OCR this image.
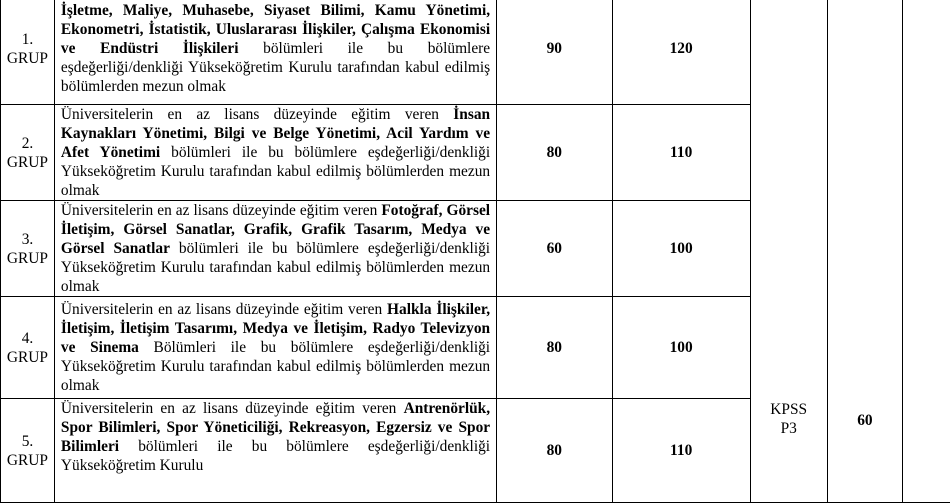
1.
GRUP	İşletme, Maliye, Muhasebe, Siyaset Bilimi, Kamu Yönetimi, Ekonometri, İstatistik, Uluslararası İlişkiler, Çalışma Ekonomisi ve Endüstri İlişkileri bölümleri ile bu bölümlere eşdeğerliği/denkliği Yükseköğretim Kurulu tarafından kabul edilmiş bölümlerden mezun olmak	90	120	KPSS
P3	60	

2.
GRUP	Üniversitelerin en az lisans düzeyinde eğitim veren İnsan Kaynakları Yönetimi, Bilgi ve Belge Yönetimi, Acil Yardım ve Afet Yönetimi bölümleri ile bu bölümlere eşdeğerliği/denkliği Yükseköğretim Kurulu tarafından kabul edilmiş bölümlerden mezun olmak	80	110			

3.
GRUP	Üniversitelerin en az lisans düzeyinde eğitim veren Fotoğraf, Görsel İletişim, Görsel Sanatlar, Grafik, Grafik Tasarım, Medya ve Görsel Sanatlar bölümleri ile bu bölümlere eşdeğerliği/denkliği Yükseköğretim Kurulu tarafından kabul edilmiş bölümlerden mezun olmak	60	100			

4.
GRUP	Üniversitelerin en az lisans düzeyinde eğitim veren Halkla İlişkiler, İletişim, İletişim Tasarımı, Medya ve İletişim, Radyo Televizyon ve Sinema Bölümleri ile bu bölümlere eşdeğerliği/denkliği Yükseköğretim Kurulu tarafından kabul edilmiş bölümlerden mezun olmak	80	100			

5.
GRUP	Üniversitelerin en az lisans düzeyinde eğitim veren Antrenörlük, Spor Bilimleri, Spor Yöneticiliği, Rekreasyon, Egzersiz ve Spor Bilimleri bölümleri ile bu bölümlere eşdeğerliği/denkliği Yükseköğretim Kurulu	80	110			
